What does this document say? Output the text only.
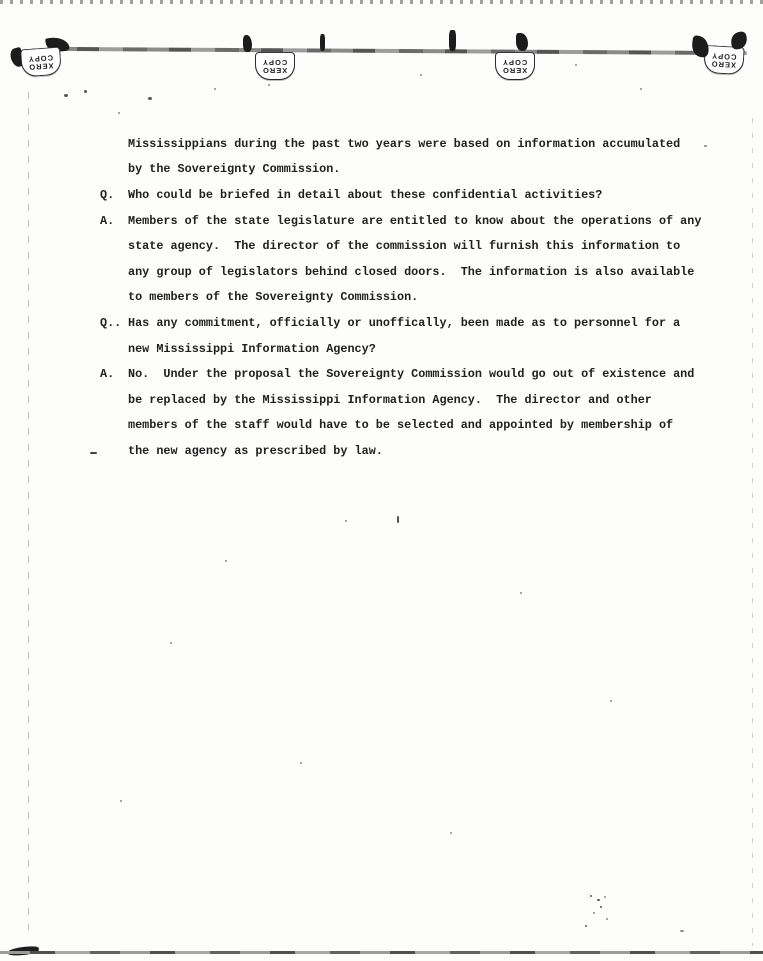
XERO
COPY
XERO
COPY
XERO
COPY	XERO
COPY
Mississippians during the past two years were based on information accumulated
by the Sovereignty Commission.
Q.	Who could be briefed in detail about these confidential activities?
A.	Members of the state legislature are entitled to know about the operations of any
state agency.  The director of the commission will furnish this information to
any group of legislators behind closed doors.  The information is also available
to members of the Sovereignty Commission.
Q.. Has any commitment, officially or unoffically, been made as to personnel for a
new Mississippi Information Agency?
A.	No.  Under the proposal the Sovereignty Commission would go out of existence and
be replaced by the Mississippi Information Agency.  The director and other
members of the staff would have to be selected and appointed by membership of
the new agency as prescribed by law.
